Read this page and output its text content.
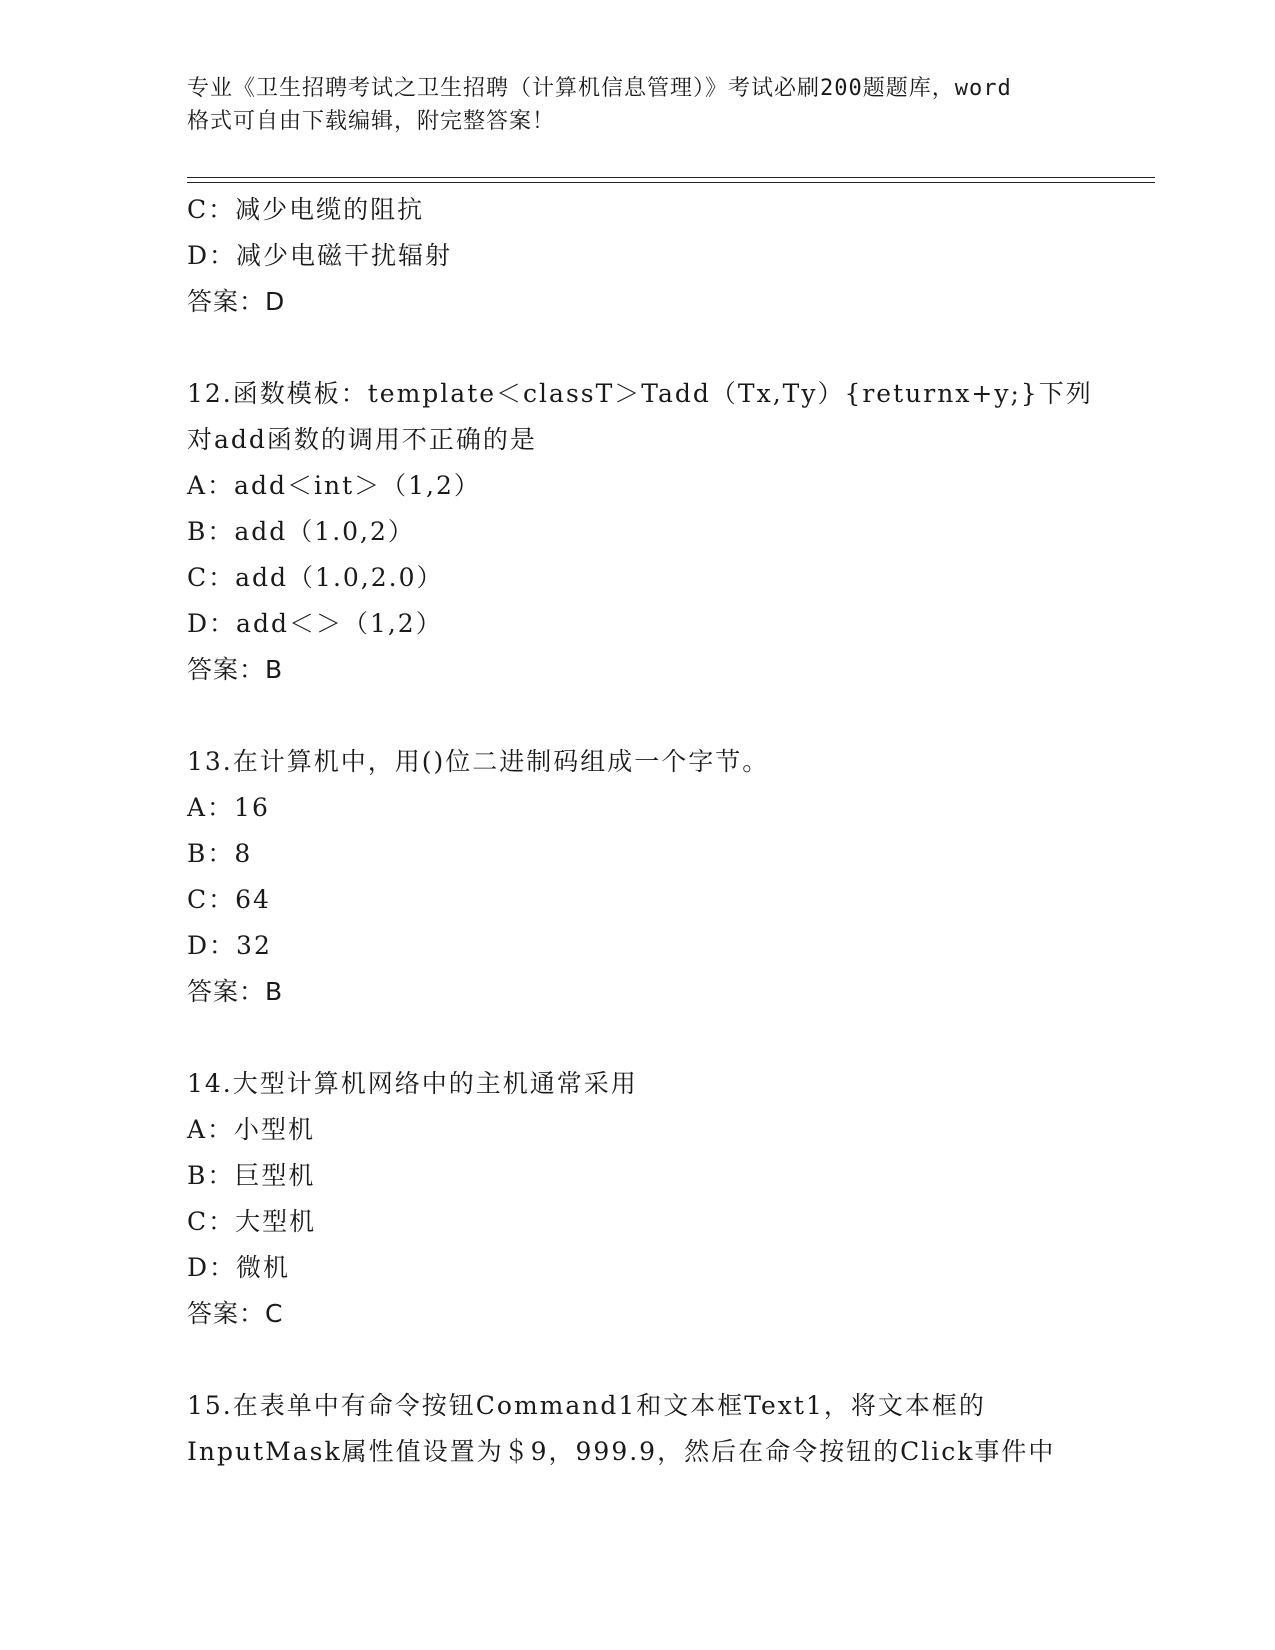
专业《卫生招聘考试之卫生招聘（计算机信息管理）》考试必刷200题题库，word
格式可自由下载编辑，附完整答案！
C：减少电缆的阻抗
D：减少电磁干扰辐射
答案：D
12.函数模板：template＜classT＞Tadd（Tx,Ty）{returnx+y;}下列
对add函数的调用不正确的是
A：add＜int＞（1,2）
B：add（1.0,2）
C：add（1.0,2.0）
D：add＜＞（1,2）
答案：B
13.在计算机中，用()位二进制码组成一个字节。
A：16
B：8
C：64
D：32
答案：B
14.大型计算机网络中的主机通常采用
A：小型机
B：巨型机
C：大型机
D：微机
答案：C
15.在表单中有命令按钮Command1和文本框Text1，将文本框的
InputMask属性值设置为＄9，999.9，然后在命令按钮的Click事件中
